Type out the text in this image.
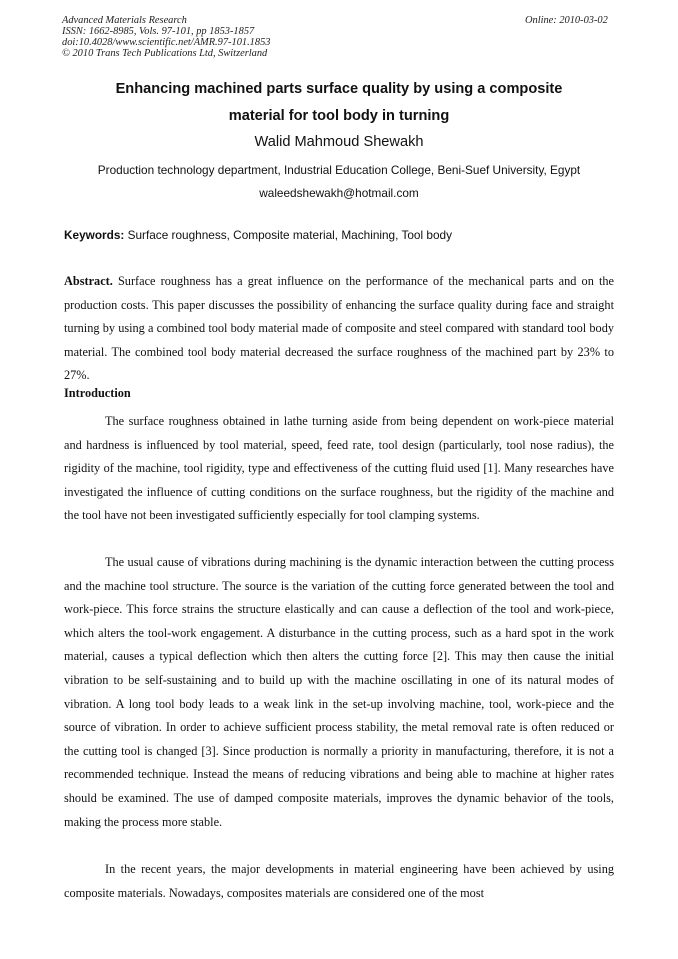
Advanced Materials Research
ISSN: 1662-8985, Vols. 97-101, pp 1853-1857
doi:10.4028/www.scientific.net/AMR.97-101.1853
© 2010 Trans Tech Publications Ltd, Switzerland
Online: 2010-03-02
Enhancing machined parts surface quality by using a composite
material for tool body in turning
Walid Mahmoud Shewakh
Production technology department, Industrial Education College, Beni-Suef University, Egypt
waleedshewakh@hotmail.com
Keywords: Surface roughness, Composite material, Machining, Tool body
Abstract. Surface roughness has a great influence on the performance of the mechanical parts and on the production costs. This paper discusses the possibility of enhancing the surface quality during face and straight turning by using a combined tool body material made of composite and steel compared with standard tool body material. The combined tool body material decreased the surface roughness of the machined part by 23% to 27%.
Introduction

The surface roughness obtained in lathe turning aside from being dependent on work-piece material and hardness is influenced by tool material, speed, feed rate, tool design (particularly, tool nose radius), the rigidity of the machine, tool rigidity, type and effectiveness of the cutting fluid used [1]. Many researches have investigated the influence of cutting conditions on the surface roughness, but the rigidity of the machine and the tool have not been investigated sufficiently especially for tool clamping systems.

The usual cause of vibrations during machining is the dynamic interaction between the cutting process and the machine tool structure. The source is the variation of the cutting force generated between the tool and work-piece. This force strains the structure elastically and can cause a deflection of the tool and work-piece, which alters the tool-work engagement. A disturbance in the cutting process, such as a hard spot in the work material, causes a typical deflection which then alters the cutting force [2]. This may then cause the initial vibration to be self-sustaining and to build up with the machine oscillating in one of its natural modes of vibration. A long tool body leads to a weak link in the set-up involving machine, tool, work-piece and the source of vibration. In order to achieve sufficient process stability, the metal removal rate is often reduced or the cutting tool is changed [3]. Since production is normally a priority in manufacturing, therefore, it is not a recommended technique. Instead the means of reducing vibrations and being able to machine at higher rates should be examined. The use of damped composite materials, improves the dynamic behavior of the tools, making the process more stable.

In the recent years, the major developments in material engineering have been achieved by using composite materials. Nowadays, composites materials are considered one of the most
